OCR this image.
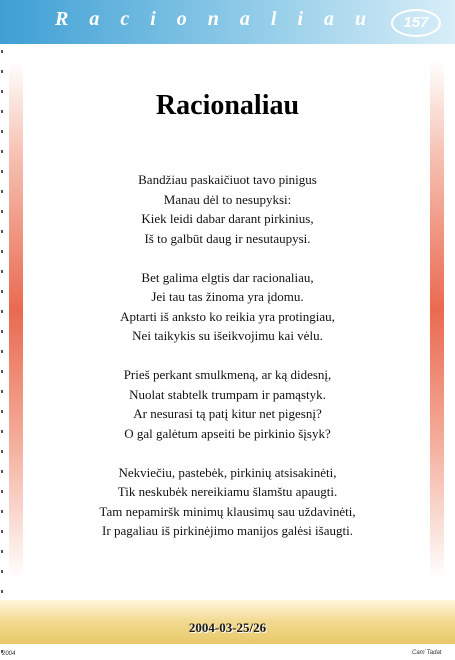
R a c i o n a l i a u	157
Racionaliau
Bandžiau paskaičiuot tavo pinigus
Manau dėl to nesupyksi:
Kiek leidi dabar darant pirkinius,
Iš to galbūt daug ir nesutaupysi.
Bet galima elgtis dar racionaliau,
Jei tau tas žinoma yra įdomu.
Aptarti iš anksto ko reikia yra protingiau,
Nei taikykis su išeikvojimu kai vėlu.
Prieš perkant smulkmeną, ar ką didesnį,
Nuolat stabtelk trumpam ir pamąstyk.
Ar nesurasi tą patį kitur net pigesnį?
O gal galėtum apseiti be pirkinio šįsyk?
Nekviečiu, pastebėk, pirkinių atsisakinėti,
Tik neskubėk nereikiamu šlamštu apaugti.
Tam nepamiršk minimų klausimų sau uždavinėti,
Ir pagaliau iš pirkinėjimo manijos galėsi išaugti.
2004-03-25/26
2004	Cam`Tadat
